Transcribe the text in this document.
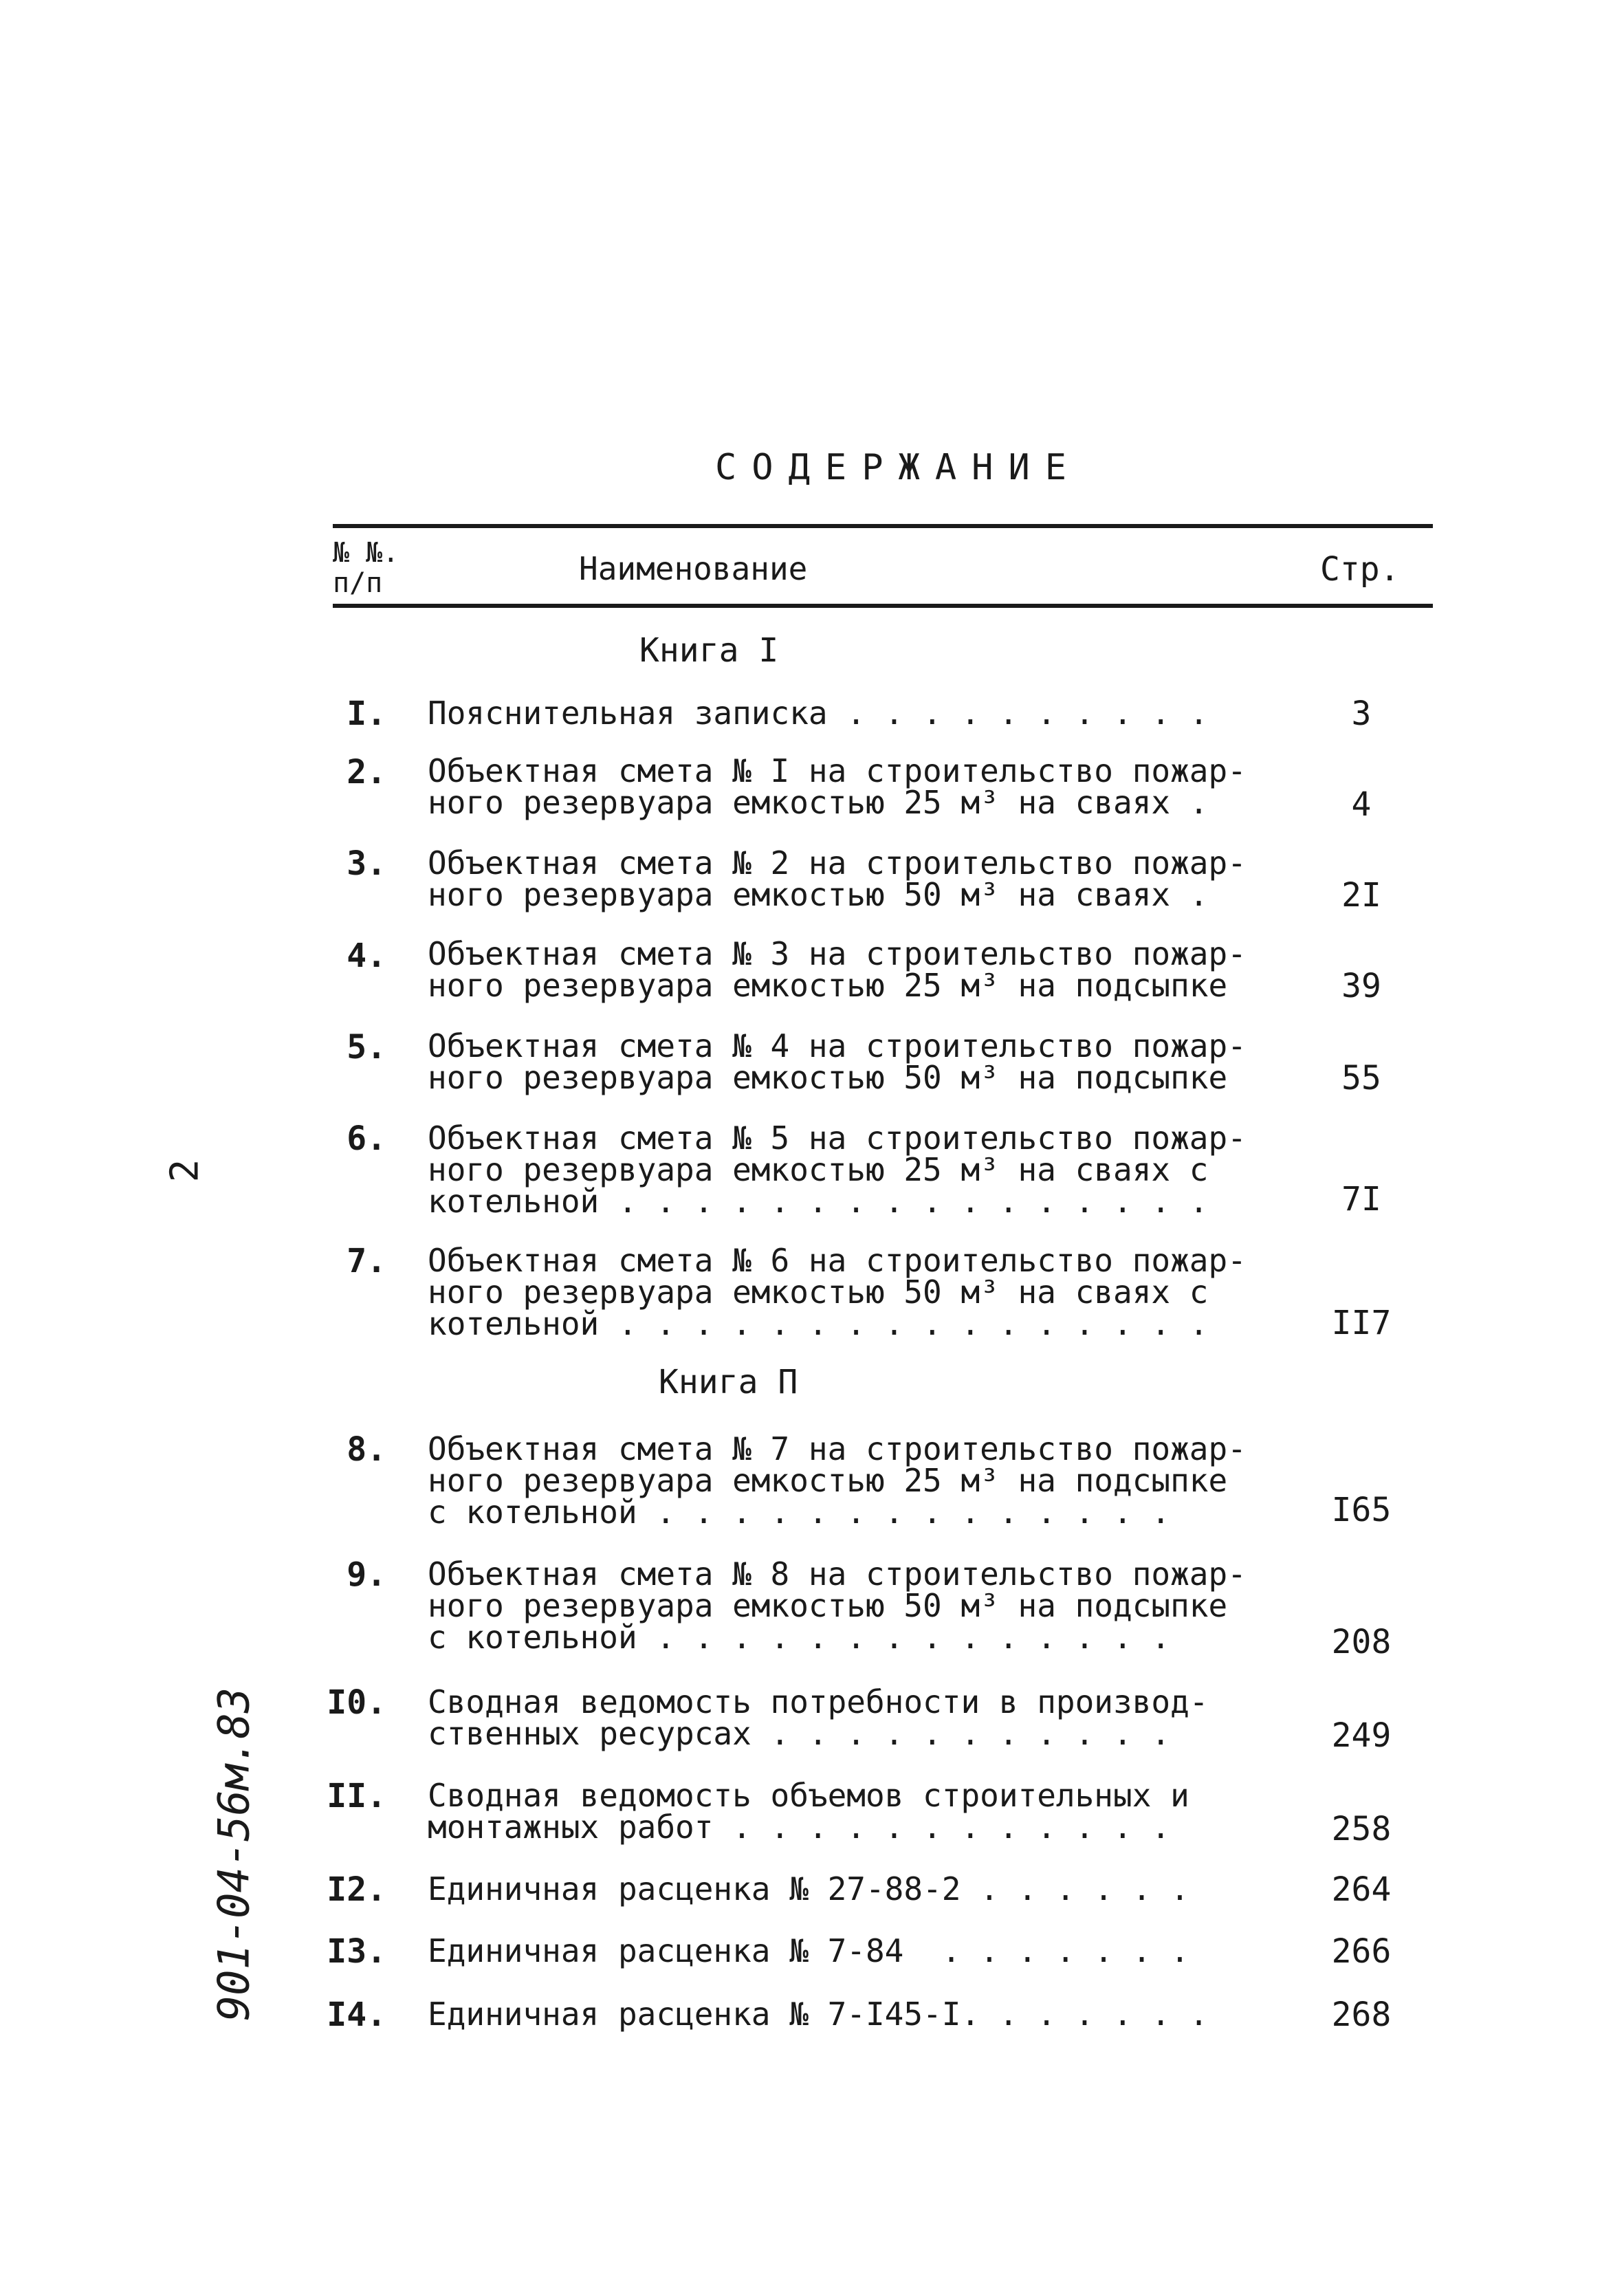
СОДЕРЖАНИЕ
№ №.
п/п	Наименование	Стр.
Книга I
I. Пояснительная записка . . . . . . . . . .	3
2. Объектная смета № I на строительство пожар-
ного резервуара емкостью 25 м³ на сваях .	4
3. Объектная смета № 2 на строительство пожар-
ного резервуара емкостью 50 м³ на сваях .	2I
4. Объектная смета № 3 на строительство пожар-
ного резервуара емкостью 25 м³ на подсыпке	39
5. Объектная смета № 4 на строительство пожар-
ного резервуара емкостью 50 м³ на подсыпке	55
6. Объектная смета № 5 на строительство пожар-
ного резервуара емкостью 25 м³ на сваях с
котельной . . . . . . . . . . . . . . . .	7I
7. Объектная смета № 6 на строительство пожар-
ного резервуара емкостью 50 м³ на сваях с
котельной . . . . . . . . . . . . . . . .	II7
Книга П
8. Объектная смета № 7 на строительство пожар-
ного резервуара емкостью 25 м³ на подсыпке
с котельной . . . . . . . . . . . . . .	I65
9. Объектная смета № 8 на строительство пожар-
ного резервуара емкостью 50 м³ на подсыпке
с котельной . . . . . . . . . . . . . .	208
I0. Сводная ведомость потребности в производ-
ственных ресурсах . . . . . . . . . . .	249
II. Сводная ведомость объемов строительных и
монтажных работ . . . . . . . . . . . .	258
I2. Единичная расценка № 27-88-2 . . . . . .	264
I3. Единичная расценка № 7-84  . . . . . . .	266
I4. Единичная расценка № 7-I45-I. . . . . . .	268
2
901-04-56м.83
